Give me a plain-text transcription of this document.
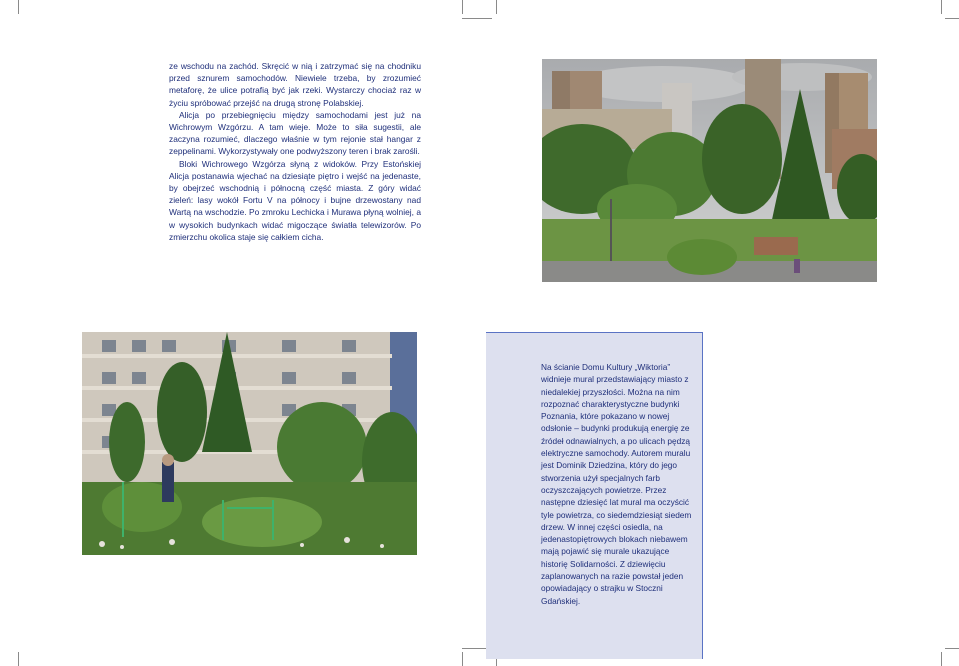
ze wschodu na zachód. Skręcić w nią i zatrzymać się na chodniku przed sznurem samochodów. Niewiele trzeba, by zrozumieć metaforę, że ulice potrafią być jak rzeki. Wystarczy chociaż raz w życiu spróbować przejść na drugą stronę Polabskiej.

Alicja po przebiegnięciu między samochodami jest już na Wichrowym Wzgórzu. A tam wieje. Może to siła sugestii, ale zaczyna rozumieć, dlaczego właśnie w tym rejonie stał hangar z zeppelinami. Wykorzystywały one podwyższony teren i brak zarośli.

Bloki Wichrowego Wzgórza słyną z widoków. Przy Estońskiej Alicja postanawia wjechać na dziesiąte piętro i wejść na jedenaste, by obejrzeć wschodnią i północną część miasta. Z góry widać zieleń: lasy wokół Fortu V na północy i bujne drzewostany nad Wartą na wschodzie. Po zmroku Lechicka i Murawa płyną wolniej, a w wysokich budynkach widać migoczące światła telewizorów. Po zmierzchu okolica staje się całkiem cicha.

Na ścianie Domu Kultury „Wiktoria” widnieje mural przedstawiający miasto z niedalekiej przyszłości. Można na nim rozpoznać charakterystyczne budynki Poznania, które pokazano w nowej odsłonie – budynki produkują energię ze źródeł odnawialnych, a po ulicach pędzą elektryczne samochody. Autorem muralu jest Dominik Dziedzina, który do jego stworzenia użył specjalnych farb oczyszczających powietrze. Przez następne dziesięć lat mural ma oczyścić tyle powietrza, co siedemdziesiąt siedem drzew. W innej części osiedla, na jedenastopiętrowych blokach niebawem mają pojawić się murale ukazujące historię Solidarności. Z dziewięciu zaplanowanych na razie powstał jeden opowiadający o strajku w Stoczni Gdańskiej.
